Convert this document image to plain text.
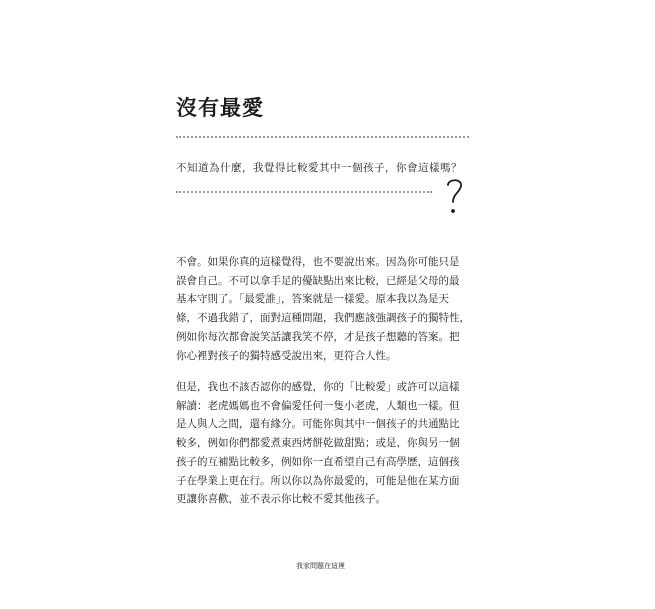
沒有最愛
不知道為什麼，我覺得比較愛其中一個孩子，你會這樣嗎？

不會。如果你真的這樣覺得，也不要說出來。因為你可能只是
誤會自己。不可以拿手足的優缺點出來比較，已經是父母的最
基本守則了。「最愛誰」，答案就是一樣愛。原本我以為是天
條，不過我錯了，面對這種問題，我們應該強調孩子的獨特性，
例如你每次都會說笑話讓我笑不停，才是孩子想聽的答案。把
你心裡對孩子的獨特感受說出來，更符合人性。

但是，我也不該否認你的感覺，你的「比較愛」或許可以這樣
解讀：老虎媽媽也不會偏愛任何一隻小老虎，人類也一樣。但
是人與人之間，還有緣分。可能你與其中一個孩子的共通點比
較多，例如你們都愛煮東西烤餅乾做甜點；或是，你與另一個
孩子的互補點比較多，例如你一直希望自己有高學歷，這個孩
子在學業上更在行。所以你以為你最愛的，可能是他在某方面
更讓你喜歡，並不表示你比較不愛其他孩子。

我家問題在這裡
